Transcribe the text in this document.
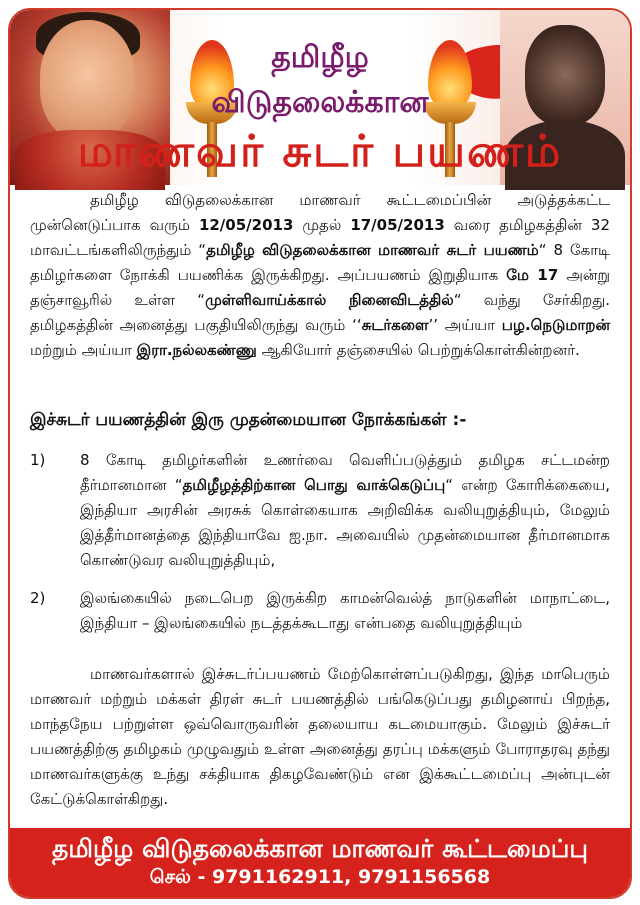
தமிழீழ
விடுதலைக்கான
மாணவர் சுடர் பயணம்

தமிழீழ விடுதலைக்கான மாணவர் கூட்டமைப்பின் அடுத்தக்கட்ட முன்னெடுப்பாக வரும் 12/05/2013 முதல் 17/05/2013 வரை தமிழகத்தின் 32 மாவட்டங்களிலிருந்தும் “தமிழீழ விடுதலைக்கான மாணவர் சுடர் பயணம்“ 8 கோடி தமிழர்களை நோக்கி பயணிக்க இருக்கிறது. அப்பயணம் இறுதியாக மே 17 அன்று தஞ்சாவூரில் உள்ள “முள்ளிவாய்க்கால் நினைவிடத்தில்“ வந்து சேர்கிறது. தமிழகத்தின் அனைத்து பகுதியிலிருந்து வரும் ‘‘சுடர்களை’’ அய்யா பழ.நெடுமாறன் மற்றும் அய்யா இரா.நல்லகண்ணு ஆகியோர் தஞ்சையில் பெற்றுக்கொள்கின்றனர்.

இச்சுடர் பயணத்தின் இரு முதன்மையான நோக்கங்கள் :-
1)	8 கோடி தமிழர்களின் உணர்வை வெளிப்படுத்தும் தமிழக சட்டமன்ற தீர்மானமான “தமிழீழத்திற்கான பொது வாக்கெடுப்பு“ என்ற கோரிக்கையை, இந்தியா அரசின் அரசுக் கொள்கையாக அறிவிக்க வலியுறுத்தியும், மேலும் இத்தீர்மானத்தை இந்தியாவே ஐ.நா. அவையில் முதன்மையான தீர்மானமாக கொண்டுவர வலியுறுத்தியும்,
2)	இலங்கையில் நடைபெற இருக்கிற காமன்வெல்த் நாடுகளின் மாநாட்டை, இந்தியா – இலங்கையில் நடத்தக்கூடாது என்பதை வலியுறுத்தியும்

மாணவர்களால் இச்சுடர்ப்பயணம் மேற்கொள்ளப்படுகிறது, இந்த மாபெரும் மாணவர் மற்றும் மக்கள் திரள் சுடர் பயணத்தில் பங்கெடுப்பது தமிழனாய் பிறந்த, மாந்தநேய பற்றுள்ள ஒவ்வொருவரின் தலையாய கடமையாகும். மேலும் இச்சுடர் பயணத்திற்கு தமிழகம் முழுவதும் உள்ள அனைத்து தரப்பு மக்களும் போராதரவு தந்து மாணவர்களுக்கு உந்து சக்தியாக திகழவேண்டும் என இக்கூட்டமைப்பு அன்புடன் கேட்டுக்கொள்கிறது.

தமிழீழ விடுதலைக்கான மாணவர் கூட்டமைப்பு
செல் - 9791162911, 9791156568
